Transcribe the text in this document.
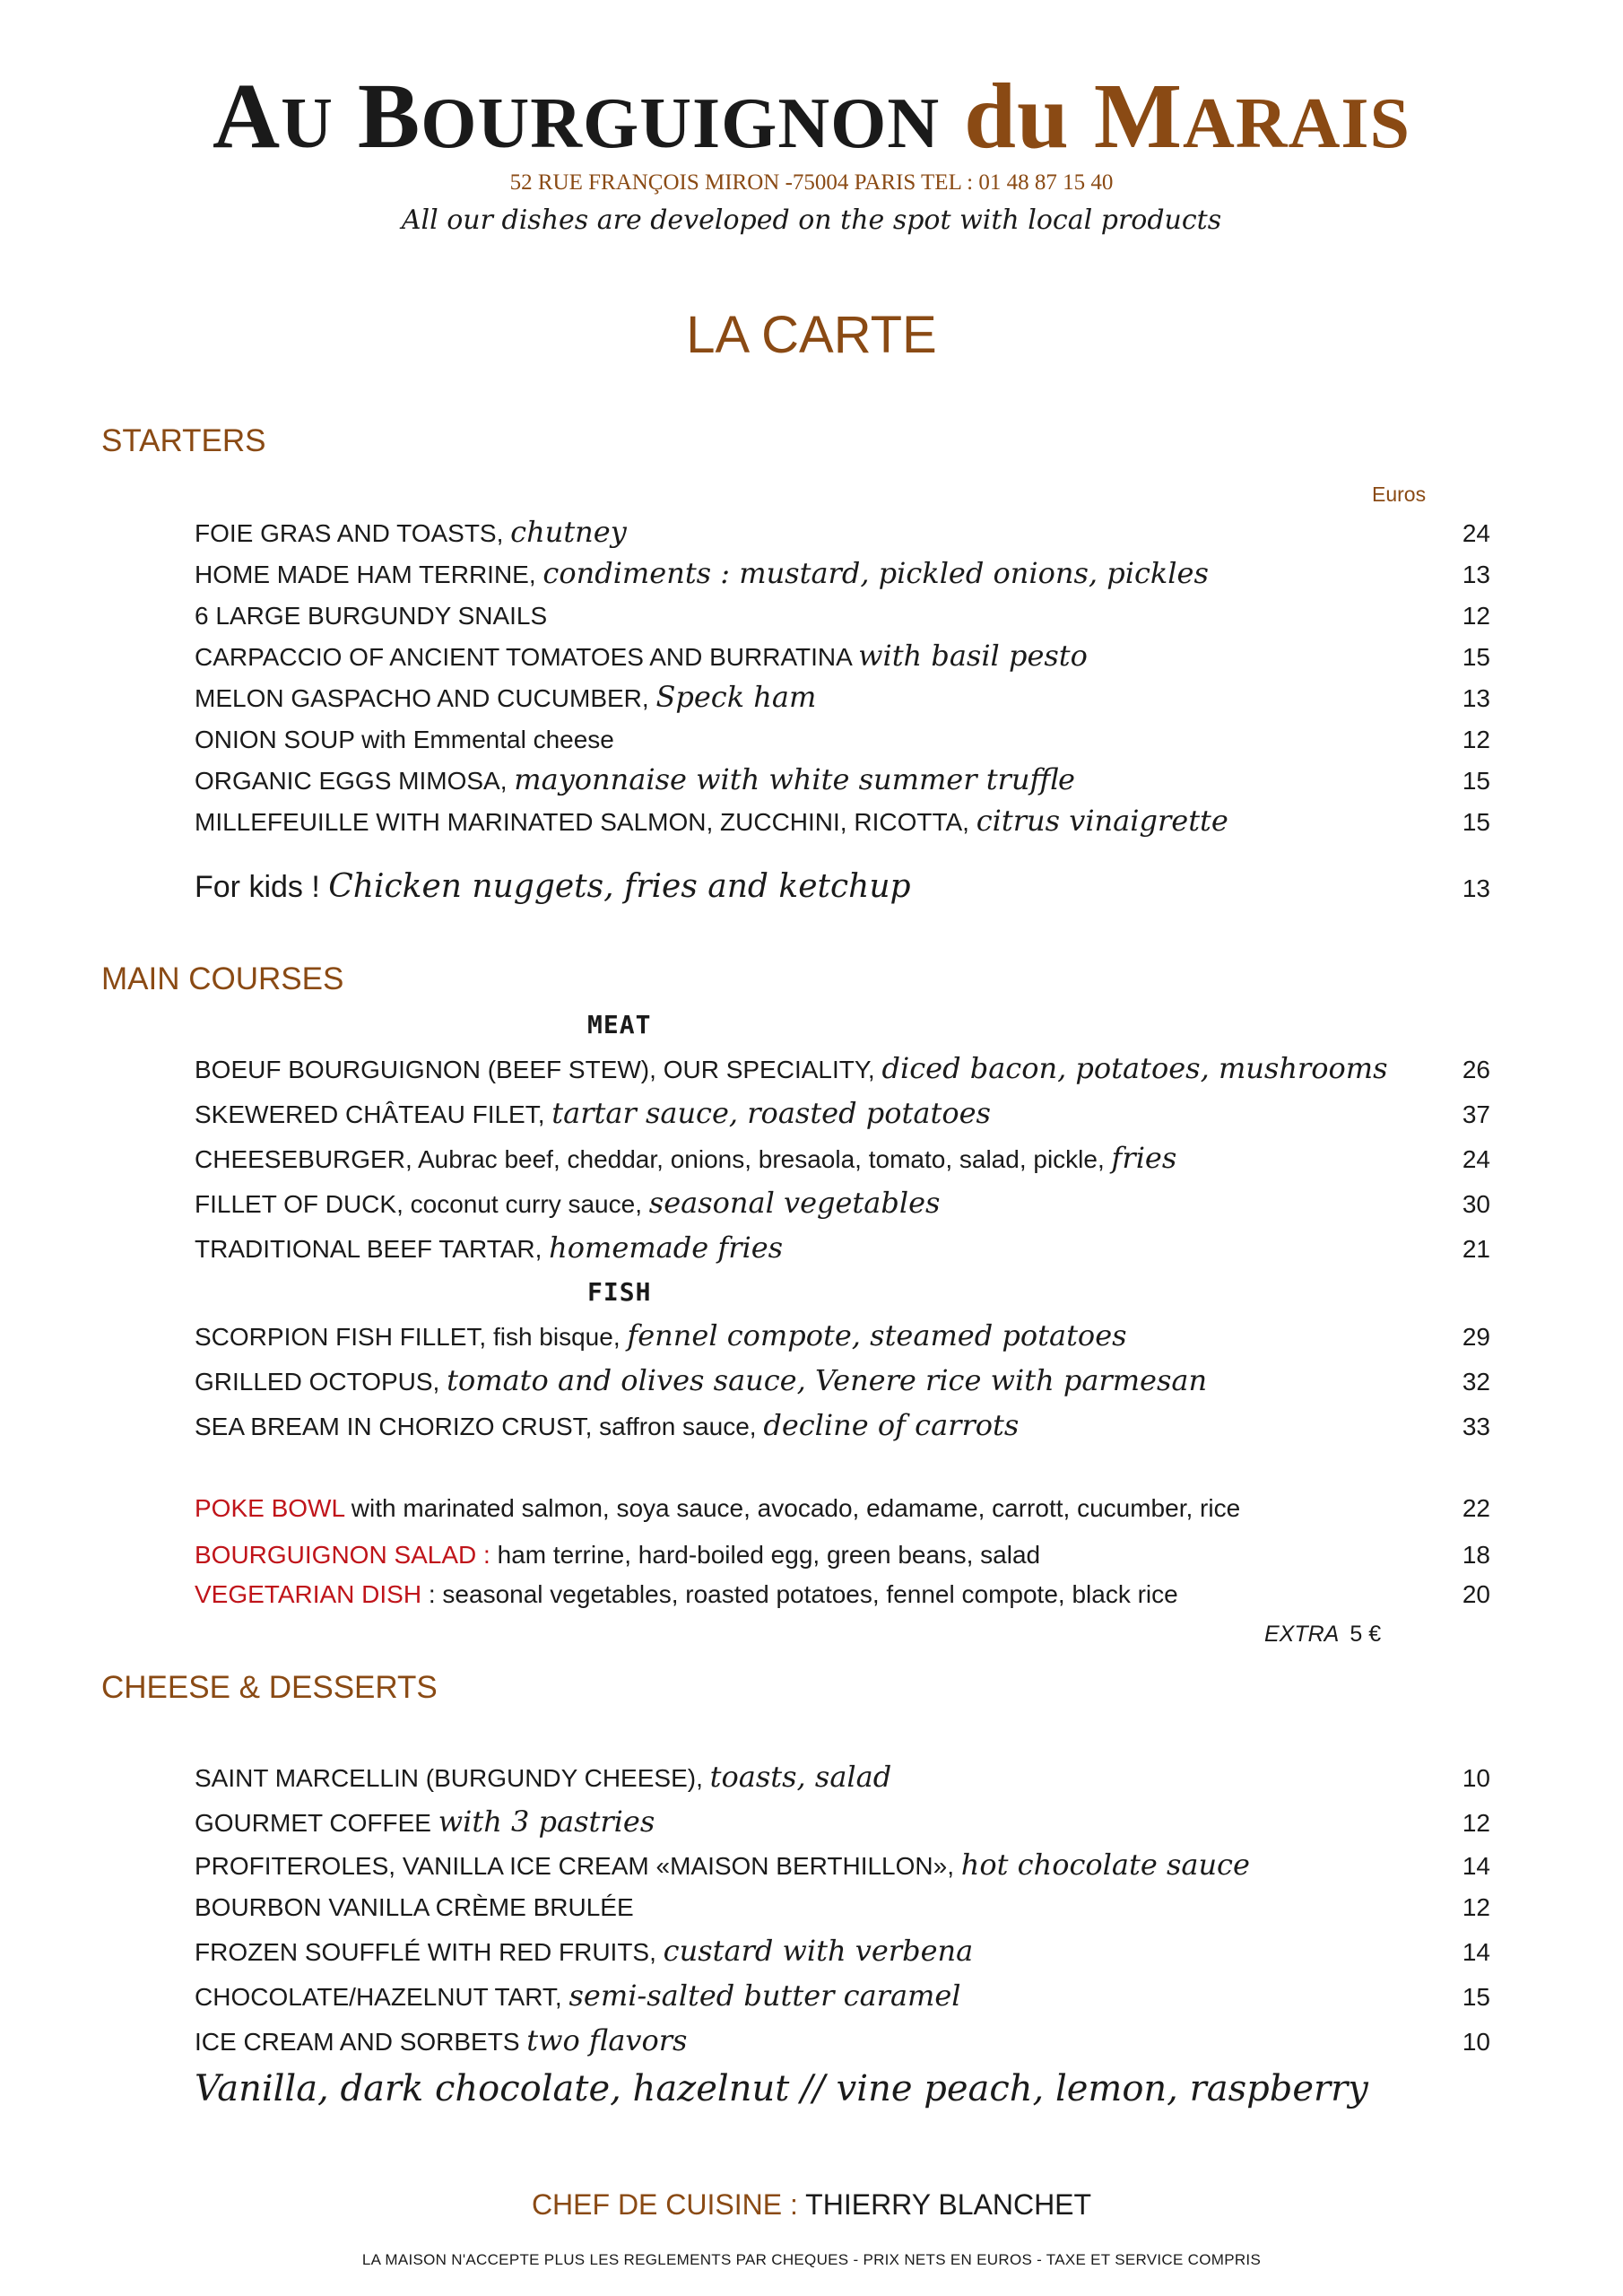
AU BOURGUIGNON du MARAIS
52 RUE FRANÇOIS MIRON -75004 PARIS TEL : 01 48 87 15 40
All our dishes are developed on the spot with local products
LA CARTE
STARTERS
Euros
FOIE GRAS AND TOASTS, chutney	24
HOME MADE HAM TERRINE, condiments : mustard, pickled onions, pickles	13
6 LARGE BURGUNDY SNAILS	12
CARPACCIO OF ANCIENT TOMATOES AND BURRATINA with basil pesto	15
MELON GASPACHO AND CUCUMBER, Speck ham	13
ONION SOUP with Emmental cheese	12
ORGANIC EGGS MIMOSA, mayonnaise with white summer truffle	15
MILLEFEUILLE WITH MARINATED SALMON, ZUCCHINI, RICOTTA, citrus vinaigrette	15
For kids ! Chicken nuggets, fries and ketchup	13
MAIN COURSES
MEAT
BOEUF BOURGUIGNON (BEEF STEW), OUR SPECIALITY, diced bacon, potatoes, mushrooms	26
SKEWERED CHÂTEAU FILET, tartar sauce, roasted potatoes	37
CHEESEBURGER, Aubrac beef, cheddar, onions, bresaola, tomato, salad, pickle, fries	24
FILLET OF DUCK, coconut curry sauce, seasonal vegetables	30
TRADITIONAL BEEF TARTAR, homemade fries	21
FISH
SCORPION FISH FILLET, fish bisque, fennel compote, steamed potatoes	29
GRILLED OCTOPUS, tomato and olives sauce, Venere rice with parmesan	32
SEA BREAM IN CHORIZO CRUST, saffron sauce, decline of carrots	33
POKE BOWL with marinated salmon, soya sauce, avocado, edamame, carrott, cucumber, rice	22
BOURGUIGNON SALAD : ham terrine, hard-boiled egg, green beans, salad	18
VEGETARIAN DISH : seasonal vegetables, roasted potatoes, fennel compote, black rice	20
EXTRA 5 €
CHEESE & DESSERTS
SAINT MARCELLIN (BURGUNDY CHEESE), toasts, salad	10
GOURMET COFFEE with 3 pastries	12
PROFITEROLES, VANILLA ICE CREAM «MAISON BERTHILLON», hot chocolate sauce	14
BOURBON VANILLA CRÈME BRULÉE	12
FROZEN SOUFFLÉ WITH RED FRUITS, custard with verbena	14
CHOCOLATE/HAZELNUT TART, semi-salted butter caramel	15
ICE CREAM AND SORBETS two flavors	10
Vanilla, dark chocolate, hazelnut // vine peach, lemon, raspberry
CHEF DE CUISINE : THIERRY BLANCHET
LA MAISON N'ACCEPTE PLUS LES REGLEMENTS PAR CHEQUES - PRIX NETS EN EUROS - TAXE ET SERVICE COMPRIS
